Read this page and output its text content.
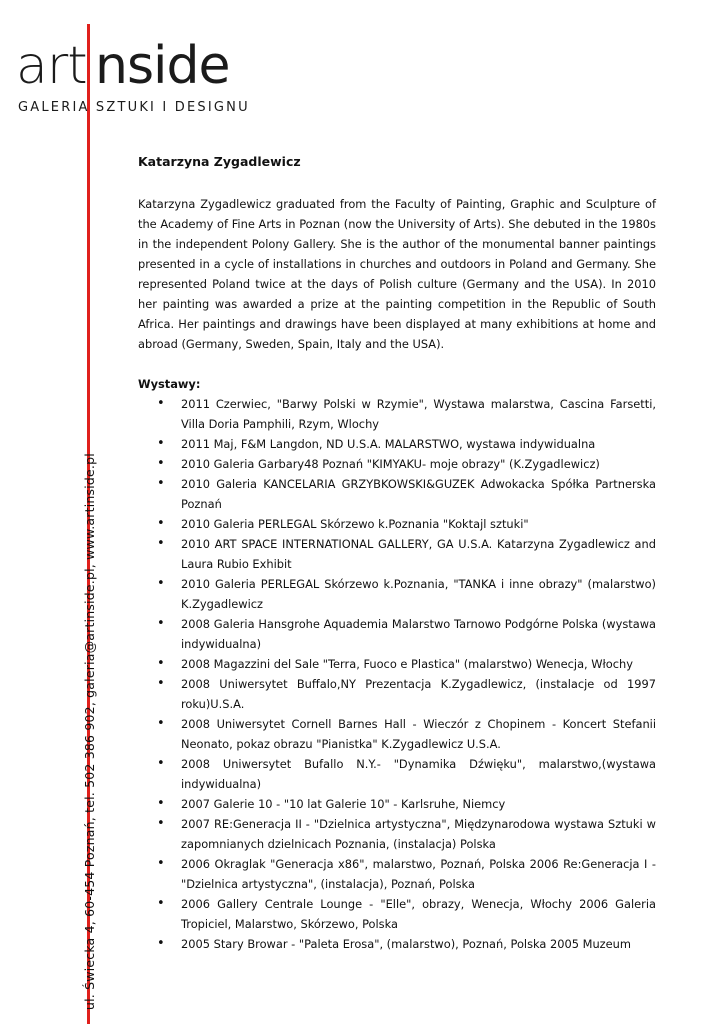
art nside
GALERIA SZTUKI I DESIGNU
ul. Świecka 4, 60-454 Poznań, tel. 502 386 902, galeria@artinside.pl, www.artinside.pl
Katarzyna Zygadlewicz

Katarzyna Zygadlewicz graduated from the Faculty of Painting, Graphic and Sculpture of the Academy of Fine Arts in Poznan (now the University of Arts). She debuted in the 1980s in the independent Polony Gallery. She is the author of the monumental banner paintings presented in a cycle of installations in churches and outdoors in Poland and Germany. She represented Poland twice at the days of Polish culture (Germany and the USA). In 2010 her painting was awarded a prize at the painting competition in the Republic of South Africa. Her paintings and drawings have been displayed at many exhibitions at home and abroad (Germany, Sweden, Spain, Italy and the USA).

Wystawy:
• 2011 Czerwiec, "Barwy Polski w Rzymie", Wystawa malarstwa, Cascina Farsetti, Villa Doria Pamphili, Rzym, Wlochy
• 2011 Maj, F&M Langdon, ND U.S.A. MALARSTWO, wystawa indywidualna
• 2010 Galeria Garbary48 Poznań "KIMYAKU- moje obrazy" (K.Zygadlewicz)
• 2010 Galeria KANCELARIA GRZYBKOWSKI&GUZEK Adwokacka Spółka Partnerska Poznań
• 2010 Galeria PERLEGAL Skórzewo k.Poznania "Koktajl sztuki"
• 2010 ART SPACE INTERNATIONAL GALLERY, GA U.S.A. Katarzyna Zygadlewicz and Laura Rubio Exhibit
• 2010 Galeria PERLEGAL Skórzewo k.Poznania, "TANKA i inne obrazy" (malarstwo) K.Zygadlewicz
• 2008 Galeria Hansgrohe Aquademia Malarstwo Tarnowo Podgórne Polska (wystawa indywidualna)
• 2008 Magazzini del Sale "Terra, Fuoco e Plastica" (malarstwo) Wenecja, Włochy
• 2008 Uniwersytet Buffalo,NY Prezentacja K.Zygadlewicz, (instalacje od 1997 roku)U.S.A.
• 2008 Uniwersytet Cornell Barnes Hall - Wieczór z Chopinem - Koncert Stefanii Neonato, pokaz obrazu "Pianistka" K.Zygadlewicz U.S.A.
• 2008 Uniwersytet Bufallo N.Y.- "Dynamika Dźwięku", malarstwo,(wystawa indywidualna)
• 2007 Galerie 10 - "10 lat Galerie 10" - Karlsruhe, Niemcy
• 2007 RE:Generacja II - "Dzielnica artystyczna", Międzynarodowa wystawa Sztuki w zapomnianych dzielnicach Poznania, (instalacja) Polska
• 2006 Okraglak "Generacja x86", malarstwo, Poznań, Polska 2006 Re:Generacja I - "Dzielnica artystyczna", (instalacja), Poznań, Polska
• 2006 Gallery Centrale Lounge - "Elle", obrazy, Wenecja, Włochy 2006 Galeria Tropiciel, Malarstwo, Skórzewo, Polska
• 2005 Stary Browar - "Paleta Erosa", (malarstwo), Poznań, Polska 2005 Muzeum
